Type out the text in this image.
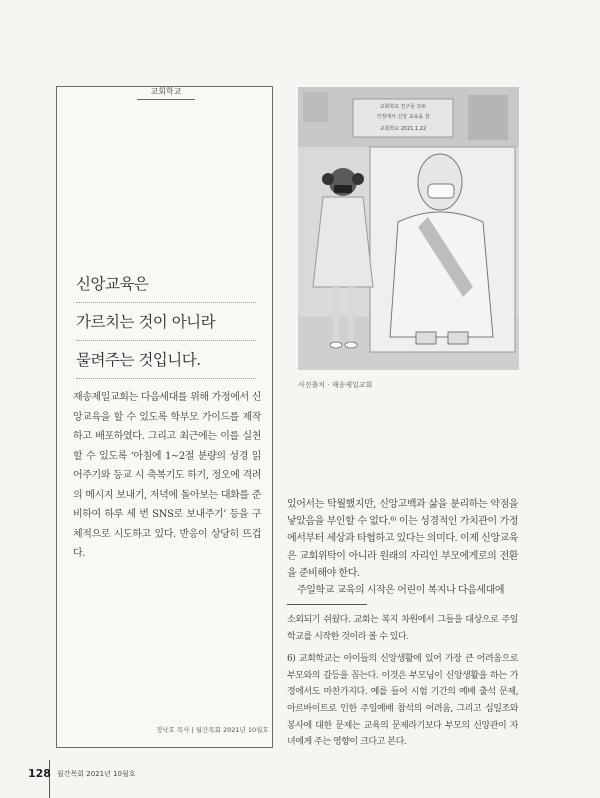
교회학교
신앙교육은
가르치는 것이 아니라
물려주는 것입니다.

재송제일교회는 다음세대를 위해 가정에서 신앙교육을 할 수 있도록 학부모 가이드를 제작하고 배포하였다. 그리고 최근에는 이를 실천할 수 있도록 ‘아침에 1~2절 분량의 성경 읽어주기와 등교 시 축복기도 하기, 정오에 격려의 메시지 보내기, 저녁에 돌아보는 대화를 준비하여 하루 세 번 SNS로 보내주기’ 등을 구체적으로 시도하고 있다. 반응이 상당히 뜨겁다.

정낙호 목사 | 월간목회 2021년 10월호
교회학교 친구들 모두
가정에서 신앙 교육을 잘
교회학교 2021.1.22
사진출처 · 재송제일교회

있어서는 탁월했지만, 신앙고백과 삶을 분리하는 약점을 낳았음을 부인할 수 없다.⁶⁾ 이는 성경적인 가치관이 가정에서부터 세상과 타협하고 있다는 의미다. 이제 신앙교육은 교회위탁이 아니라 원래의 자리인 부모에게로의 전환을 준비해야 한다.

주일학교 교육의 시작은 어린이 복지나 다음세대에

소외되기 쉬웠다. 교회는 복지 차원에서 그들을 대상으로 주일학교를 시작한 것이라 볼 수 있다.

6) 교회학교는 아이들의 신앙생활에 있어 가장 큰 어려움으로 부모와의 갈등을 꼽는다. 이것은 부모님이 신앙생활을 하는 가정에서도 마찬가지다. 예를 들어 시험 기간의 예배 출석 문제, 아르바이트로 인한 주일예배 참석의 어려움, 그리고 십일조와 봉사에 대한 문제는 교육의 문제라기보다 부모의 신앙관이 자녀에게 주는 영향이 크다고 본다.

128 월간목회 2021년 10월호
